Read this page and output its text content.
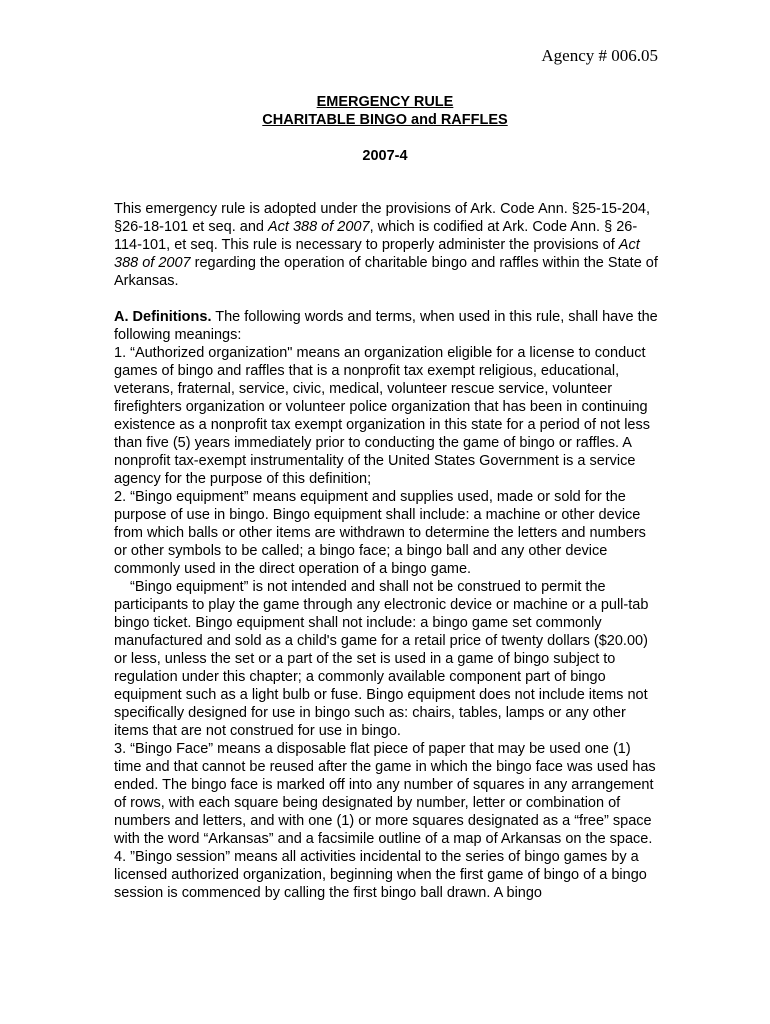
Agency # 006.05
EMERGENCY RULE
CHARITABLE BINGO and RAFFLES
2007-4

This emergency rule is adopted under the provisions of Ark. Code Ann. §25-15-204, §26-18-101 et seq. and Act 388 of 2007, which is codified at Ark. Code Ann. § 26-114-101, et seq. This rule is necessary to properly administer the provisions of Act 388 of 2007 regarding the operation of charitable bingo and raffles within the State of Arkansas.

A. Definitions. The following words and terms, when used in this rule, shall have the following meanings:

1. “Authorized organization" means an organization eligible for a license to conduct games of bingo and raffles that is a nonprofit tax exempt religious, educational, veterans, fraternal, service, civic, medical, volunteer rescue service, volunteer firefighters organization or volunteer police organization that has been in continuing existence as a nonprofit tax exempt organization in this state for a period of not less than five (5) years immediately prior to conducting the game of bingo or raffles. A nonprofit tax-exempt instrumentality of the United States Government is a service agency for the purpose of this definition;

2. “Bingo equipment” means equipment and supplies used, made or sold for the purpose of use in bingo. Bingo equipment shall include: a machine or other device from which balls or other items are withdrawn to determine the letters and numbers or other symbols to be called; a bingo face; a bingo ball and any other device commonly used in the direct operation of a bingo game.

“Bingo equipment” is not intended and shall not be construed to permit the participants to play the game through any electronic device or machine or a pull-tab bingo ticket. Bingo equipment shall not include: a bingo game set commonly manufactured and sold as a child's game for a retail price of twenty dollars ($20.00) or less, unless the set or a part of the set is used in a game of bingo subject to regulation under this chapter; a commonly available component part of bingo equipment such as a light bulb or fuse. Bingo equipment does not include items not specifically designed for use in bingo such as: chairs, tables, lamps or any other items that are not construed for use in bingo.

3. “Bingo Face” means a disposable flat piece of paper that may be used one (1) time and that cannot be reused after the game in which the bingo face was used has ended. The bingo face is marked off into any number of squares in any arrangement of rows, with each square being designated by number, letter or combination of numbers and letters, and with one (1) or more squares designated as a “free” space with the word “Arkansas” and a facsimile outline of a map of Arkansas on the space.

4. ”Bingo session” means all activities incidental to the series of bingo games by a licensed authorized organization, beginning when the first game of bingo of a bingo session is commenced by calling the first bingo ball drawn. A bingo
